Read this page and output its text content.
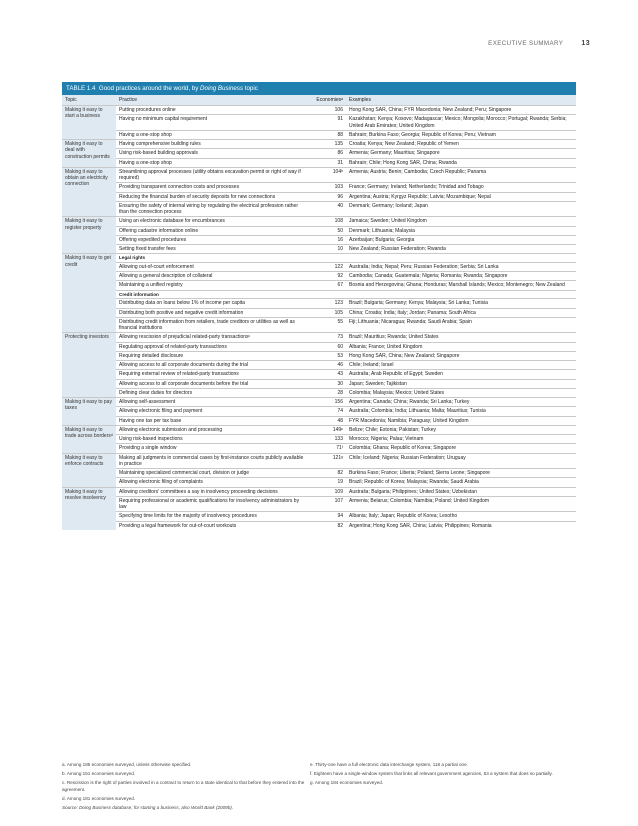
EXECUTIVE SUMMARY	13
TABLE 1.4 Good practices around the world, by Doing Business topic
Topic	Practice	Economiesᵃ	Examples
Making it easy to start a business	Putting procedures online	106	Hong Kong SAR, China; FYR Macedonia; New Zealand; Peru; Singapore
	Having no minimum capital requirement	91	Kazakhstan; Kenya; Kosovo; Madagascar; Mexico; Mongolia; Morocco; Portugal; Rwanda; Serbia; United Arab Emirates; United Kingdom
	Having a one-stop shop	88	Bahrain; Burkina Faso; Georgia; Republic of Korea; Peru; Vietnam
Making it easy to deal with construction permits	Having comprehensive building rules	135	Croatia; Kenya; New Zealand; Republic of Yemen
	Using risk-based building approvals	86	Armenia; Germany; Mauritius; Singapore
	Having a one-stop shop	31	Bahrain; Chile; Hong Kong SAR, China; Rwanda
Making it easy to obtain an electricity connection	Streamlining approval processes (utility obtains excavation permit or right of way if required)	104ᵇ	Armenia; Austria; Benin; Cambodia; Czech Republic; Panama
	Providing transparent connection costs and processes	103	France; Germany; Ireland; Netherlands; Trinidad and Tobago
	Reducing the financial burden of security deposits for new connections	96	Argentina; Austria; Kyrgyz Republic; Latvia; Mozambique; Nepal
	Ensuring the safety of internal wiring by regulating the electrical profession rather than the connection process	40	Denmark; Germany; Iceland; Japan
Making it easy to register property	Using an electronic database for encumbrances	108	Jamaica; Sweden; United Kingdom
	Offering cadastre information online	50	Denmark; Lithuania; Malaysia
	Offering expedited procedures	16	Azerbaijan; Bulgaria; Georgia
	Setting fixed transfer fees	10	New Zealand; Russian Federation; Rwanda
Making it easy to get credit	Legal rights		
	Allowing out-of-court enforcement	122	Australia; India; Nepal; Peru; Russian Federation; Serbia; Sri Lanka
	Allowing a general description of collateral	92	Cambodia; Canada; Guatemala; Nigeria; Romania; Rwanda; Singapore
	Maintaining a unified registry	67	Bosnia and Herzegovina; Ghana; Honduras; Marshall Islands; Mexico; Montenegro; New Zealand
	Credit information		
	Distributing data on loans below 1% of income per capita	123	Brazil; Bulgaria; Germany; Kenya; Malaysia; Sri Lanka; Tunisia
	Distributing both positive and negative credit information	105	China; Croatia; India; Italy; Jordan; Panama; South Africa
	Distributing credit information from retailers, trade creditors or utilities as well as financial institutions	55	Fiji; Lithuania; Nicaragua; Rwanda; Saudi Arabia; Spain
Protecting investors	Allowing rescission of prejudicial related-party transactionsᶜ	73	Brazil; Mauritius; Rwanda; United States
	Regulating approval of related-party transactions	60	Albania; France; United Kingdom
	Requiring detailed disclosure	53	Hong Kong SAR, China; New Zealand; Singapore
	Allowing access to all corporate documents during the trial	46	Chile; Ireland; Israel
	Requiring external review of related-party transactions	43	Australia; Arab Republic of Egypt; Sweden
	Allowing access to all corporate documents before the trial	30	Japan; Sweden; Tajikistan
	Defining clear duties for directors	28	Colombia; Malaysia; Mexico; United States
Making it easy to pay taxes	Allowing self-assessment	156	Argentina; Canada; China; Rwanda; Sri Lanka; Turkey
	Allowing electronic filing and payment	74	Australia; Colombia; India; Lithuania; Malta; Mauritius; Tunisia
	Having one tax per tax base	48	FYR Macedonia; Namibia; Paraguay; United Kingdom
Making it easy to trade across bordersᵈ	Allowing electronic submission and processing	149ᵉ	Belize; Chile; Estonia; Pakistan; Turkey
	Using risk-based inspections	133	Morocco; Nigeria; Palau; Vietnam
	Providing a single window	71ᶠ	Colombia; Ghana; Republic of Korea; Singapore
Making it easy to enforce contracts	Making all judgments in commercial cases by first-instance courts publicly available in practice	121ᵍ	Chile; Iceland; Nigeria; Russian Federation; Uruguay
	Maintaining specialized commercial court, division or judge	82	Burkina Faso; France; Liberia; Poland; Sierra Leone; Singapore
	Allowing electronic filing of complaints	19	Brazil; Republic of Korea; Malaysia; Rwanda; Saudi Arabia
Making it easy to resolve insolvency	Allowing creditors' committees a say in insolvency proceeding decisions	109	Australia; Bulgaria; Philippines; United States; Uzbekistan
	Requiring professional or academic qualifications for insolvency administrators by law	107	Armenia; Belarus; Colombia; Namibia; Poland; United Kingdom
	Specifying time limits for the majority of insolvency procedures	94	Albania; Italy; Japan; Republic of Korea; Lesotho
	Providing a legal framework for out-of-court workouts	82	Argentina; Hong Kong SAR, China; Latvia; Philippines; Romania

a. Among 185 economies surveyed, unless otherwise specified.

b. Among 151 economies surveyed.

c. Rescission is the right of parties involved in a contract to return to a state identical to that before they entered into the agreement.

d. Among 181 economies surveyed.

Source: Doing Business database; for starting a business, also World Bank (2009b).

e. Thirty-one have a full electronic data interchange system, 118 a partial one.

f. Eighteen have a single-window system that links all relevant government agencies, 53 a system that does so partially.

g. Among 184 economies surveyed.
